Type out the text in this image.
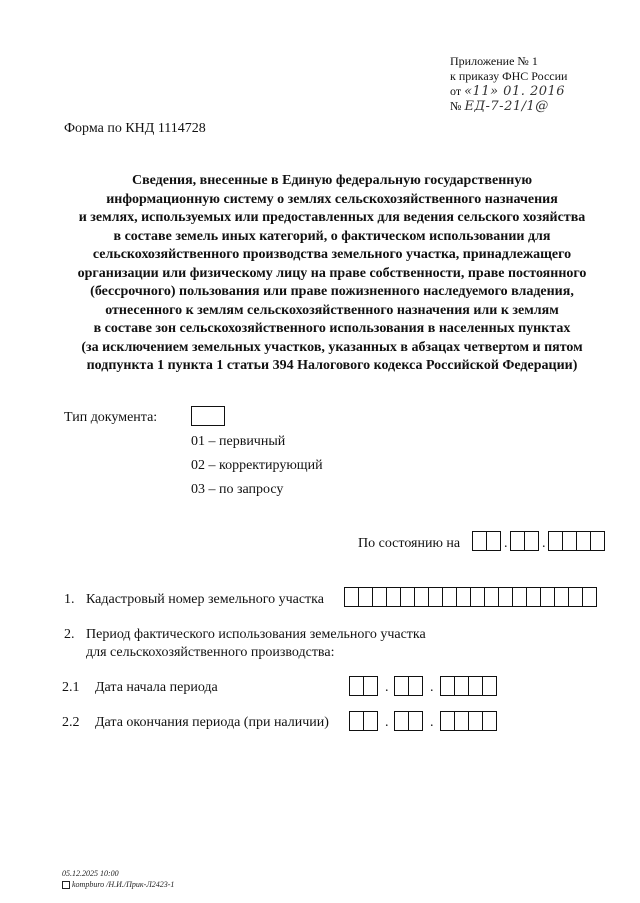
Приложение № 1
к приказу ФНС России
от «11» 01. 2016
№ ЕД-7-21/1@
Форма по КНД 1114728
Сведения, внесенные в Единую федеральную государственную
информационную систему о землях сельскохозяйственного назначения
и землях, используемых или предоставленных для ведения сельского хозяйства
в составе земель иных категорий, о фактическом использовании для
сельскохозяйственного производства земельного участка, принадлежащего
организации или физическому лицу на праве собственности, праве постоянного
(бессрочного) пользования или праве пожизненного наследуемого владения,
отнесенного к землям сельскохозяйственного назначения или к землям
в составе зон сельскохозяйственного использования в населенных пунктах
(за исключением земельных участков, указанных в абзацах четвертом и пятом
подпункта 1 пункта 1 статьи 394 Налогового кодекса Российской Федерации)
Тип документа:
01 – первичный
02 – корректирующий
03 – по запросу
По состоянию на	. .
1. Кадастровый номер земельного участка
2. Период фактического использования земельного участка
для сельскохозяйственного производства:
2.1 Дата начала периода	.	.
2.2 Дата окончания периода (при наличии)	.	.
05.12.2025 10:00
kompburo /Н.И./Прик-Л2423-1
